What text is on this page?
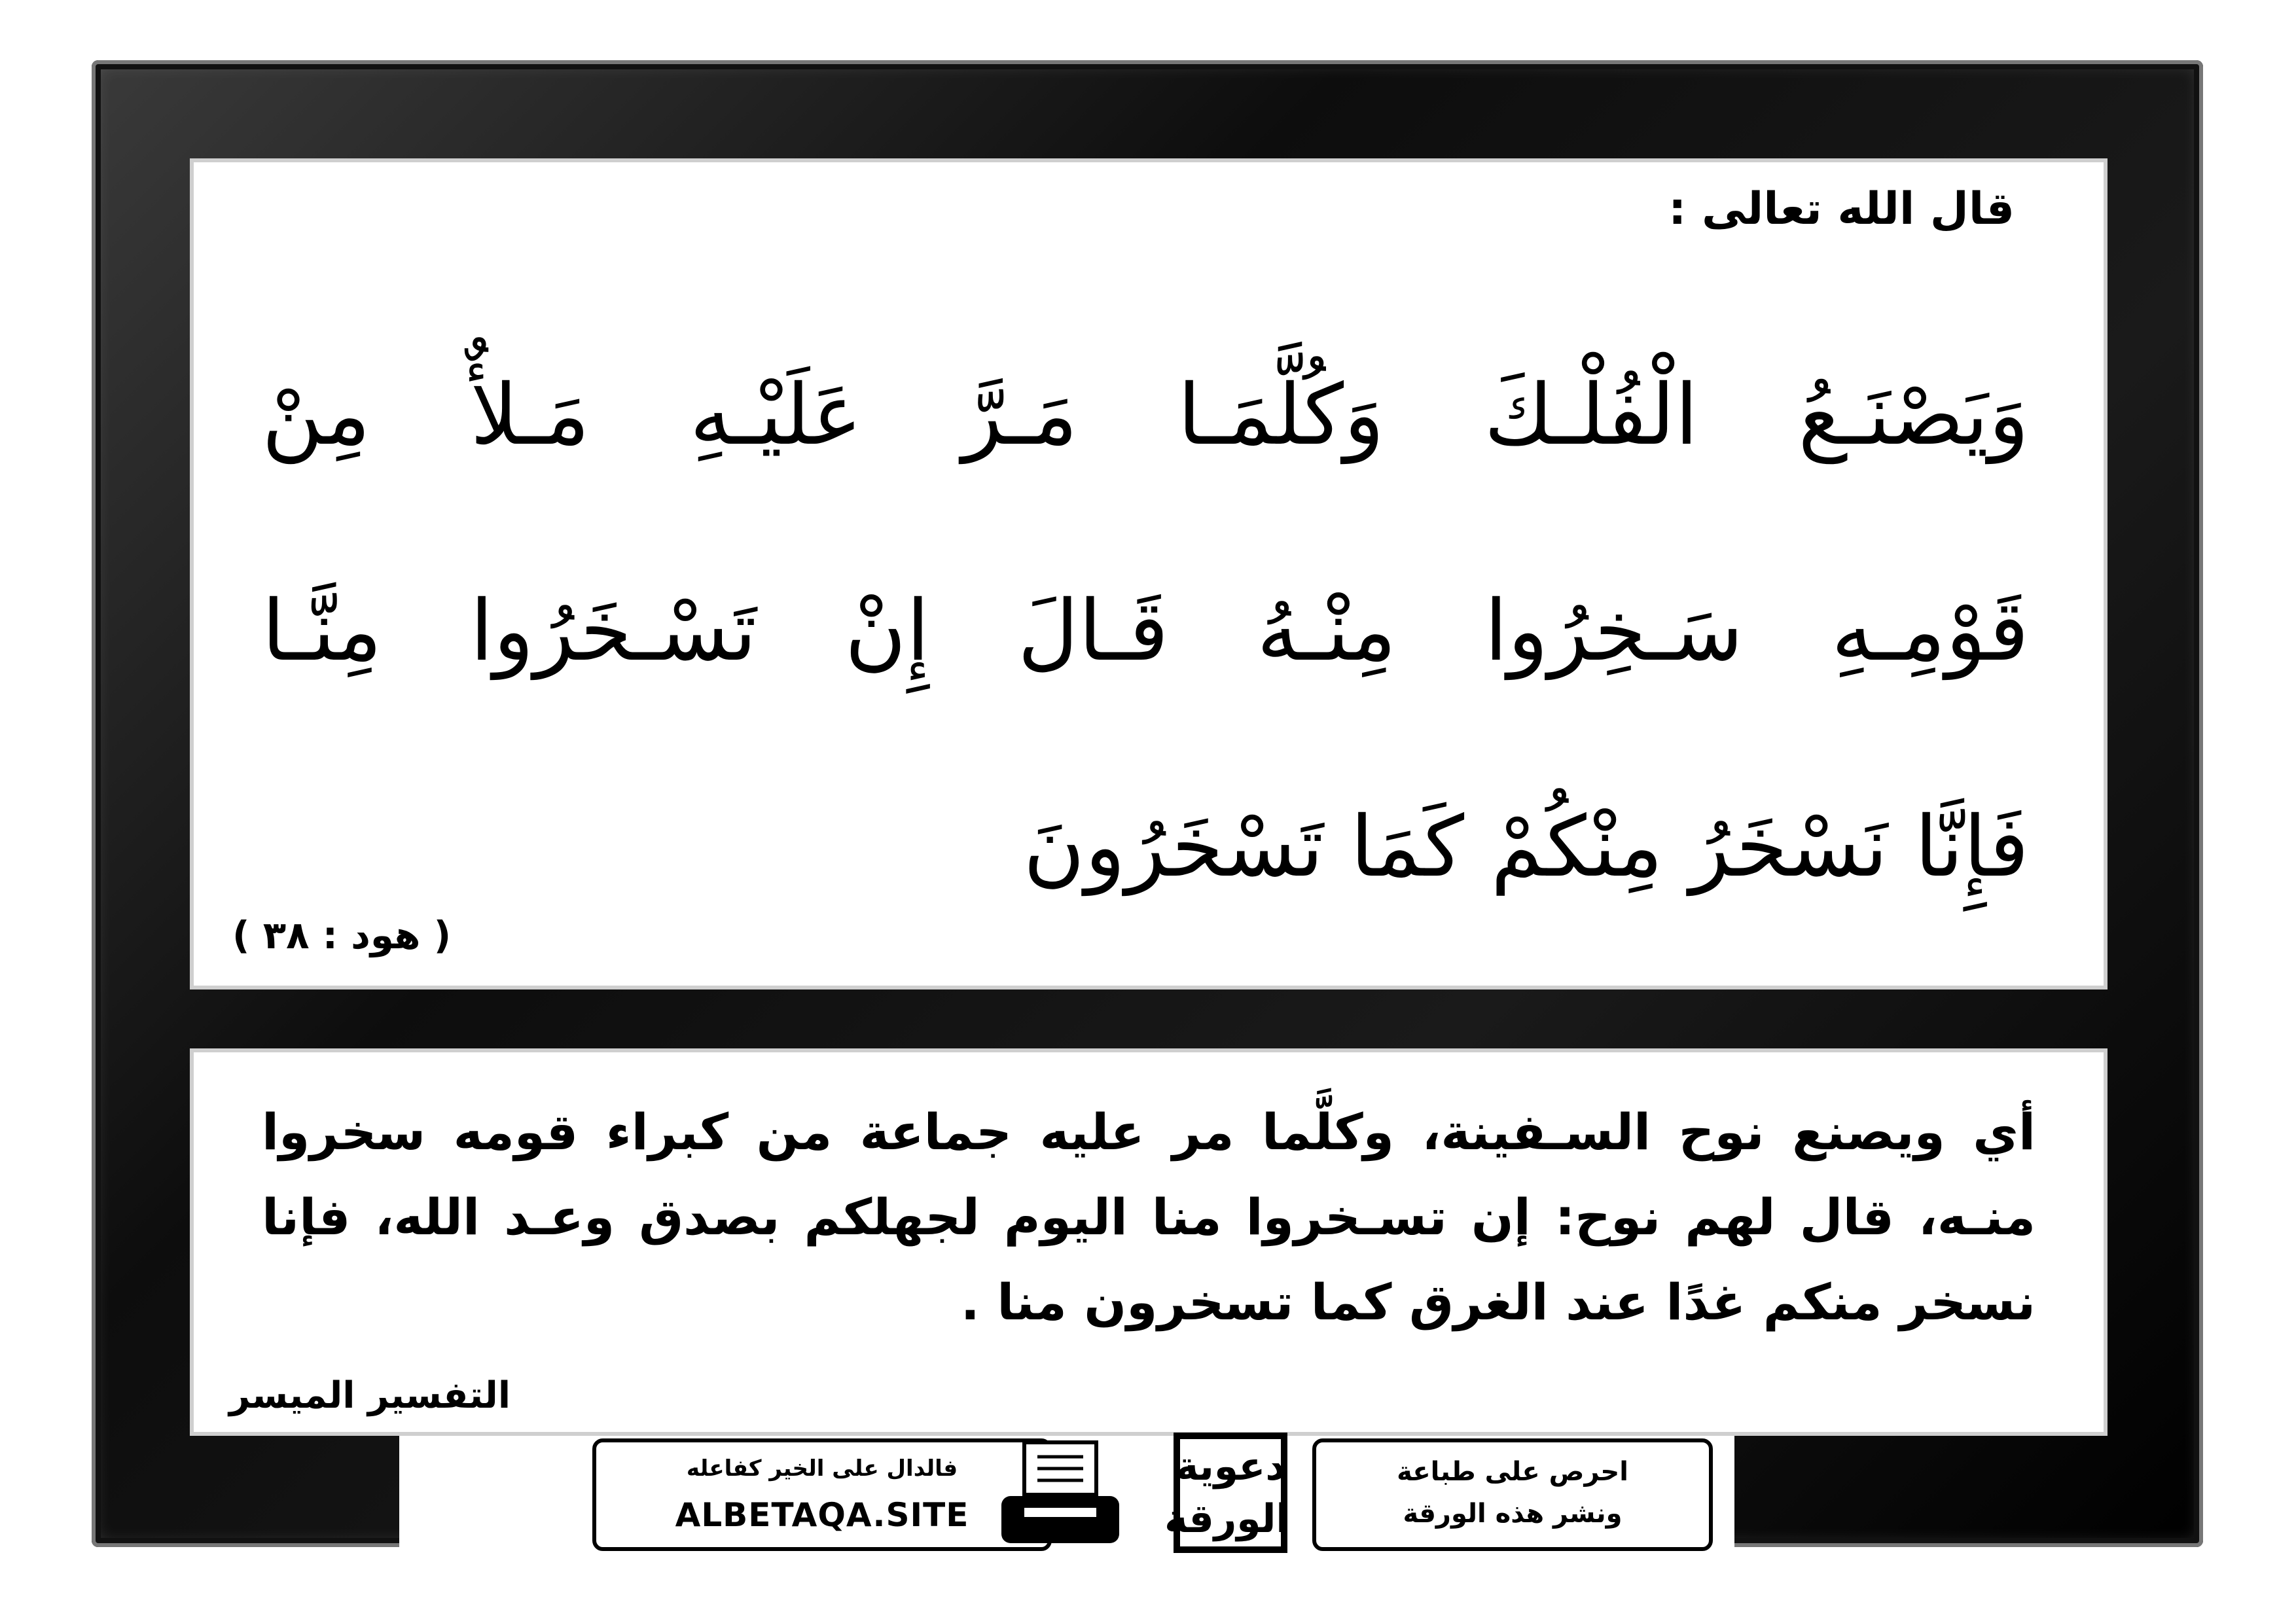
قال الله تعالى :
وَيَصْنَـعُ الْفُلْـكَ وَكُلَّمَـا مَـرَّ عَلَيْـهِ مَـلأٌ مِنْ
قَوْمِـهِ سَـخِرُوا مِنْـهُ قَـالَ إِنْ تَسْـخَرُوا مِنَّـا
فَإِنَّا نَسْخَرُ مِنْكُمْ كَمَا تَسْخَرُونَ
( هود : ٣٨ )
أي ويصنع نوح السـفينة، وكلَّما مر عليه جماعة من كبراء قومه سخروا
منـه، قال لهم نوح: إن تسـخروا منا اليوم لجهلكم بصدق وعـد الله، فإنا
نسخر منكم غدًا عند الغرق كما تسخرون منا .
التفسير الميسر
فالدال على الخير كفاعله
ALBETAQA.SITE
دعوية
الورقة
احرص على طباعة
ونشر هذه الورقة
